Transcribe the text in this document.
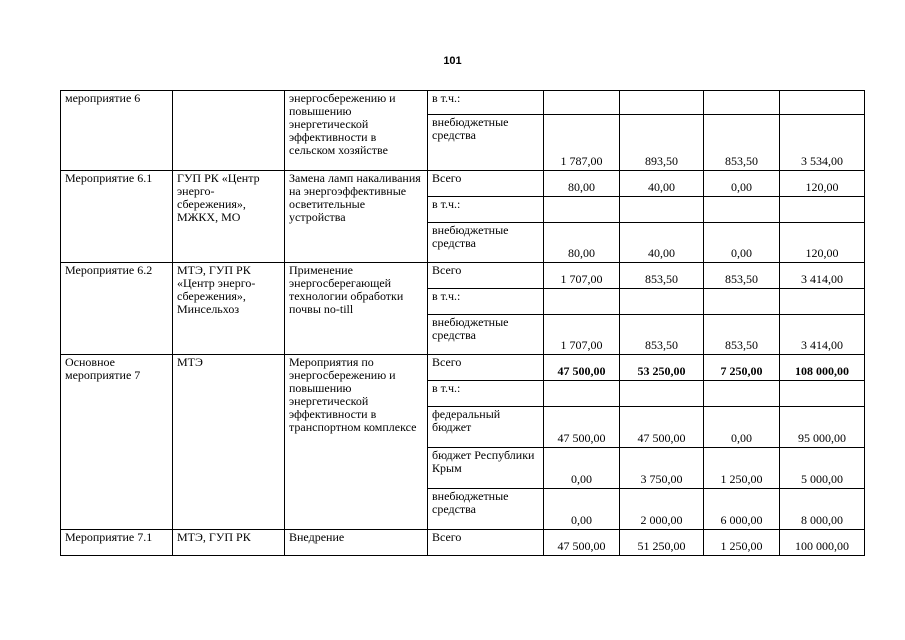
101
мероприятие 6		энергосбережению и повышению энергетической эффективности в сельском хозяйстве	в т.ч.:				
			внебюджетные средства	1 787,00	893,50	853,50	3 534,00
Мероприятие 6.1	ГУП РК «Центр энерго-сбережения», МЖКХ, МО	Замена ламп накаливания на энергоэффективные осветительные устройства	Всего	80,00	40,00	0,00	120,00
			в т.ч.:				
			внебюджетные средства	80,00	40,00	0,00	120,00
Мероприятие 6.2	МТЭ, ГУП РК «Центр энерго-сбережения», Минсельхоз	Применение энергосберегающей технологии обработки почвы no-till	Всего	1 707,00	853,50	853,50	3 414,00
			в т.ч.:				
			внебюджетные средства	1 707,00	853,50	853,50	3 414,00
Основное мероприятие 7	МТЭ	Мероприятия по энергосбережению и повышению энергетической эффективности в транспортном комплексе	Всего	47 500,00	53 250,00	7 250,00	108 000,00
			в т.ч.:				
			федеральный бюджет	47 500,00	47 500,00	0,00	95 000,00
			бюджет Республики Крым	0,00	3 750,00	1 250,00	5 000,00
			внебюджетные средства	0,00	2 000,00	6 000,00	8 000,00
Мероприятие 7.1	МТЭ, ГУП РК	Внедрение	Всего	47 500,00	51 250,00	1 250,00	100 000,00
